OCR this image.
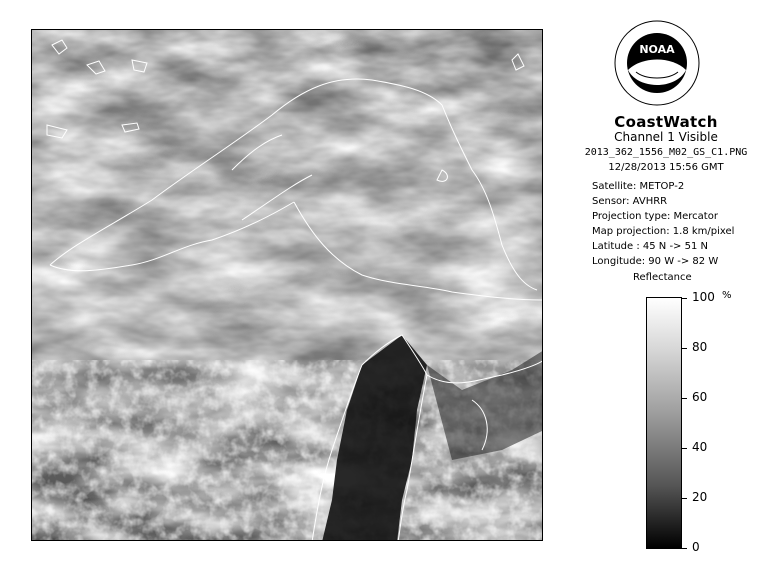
NOAA
CoastWatch
Channel 1 Visible
2013_362_1556_M02_GS_C1.PNG
12/28/2013 15:56 GMT
Satellite: METOP-2
Sensor: AVHRR
Projection type: Mercator
Map projection: 1.8 km/pixel
Latitude : 45 N -> 51 N
Longitude: 90 W -> 82 W
Reflectance
%
100
80
60
40
20
0
